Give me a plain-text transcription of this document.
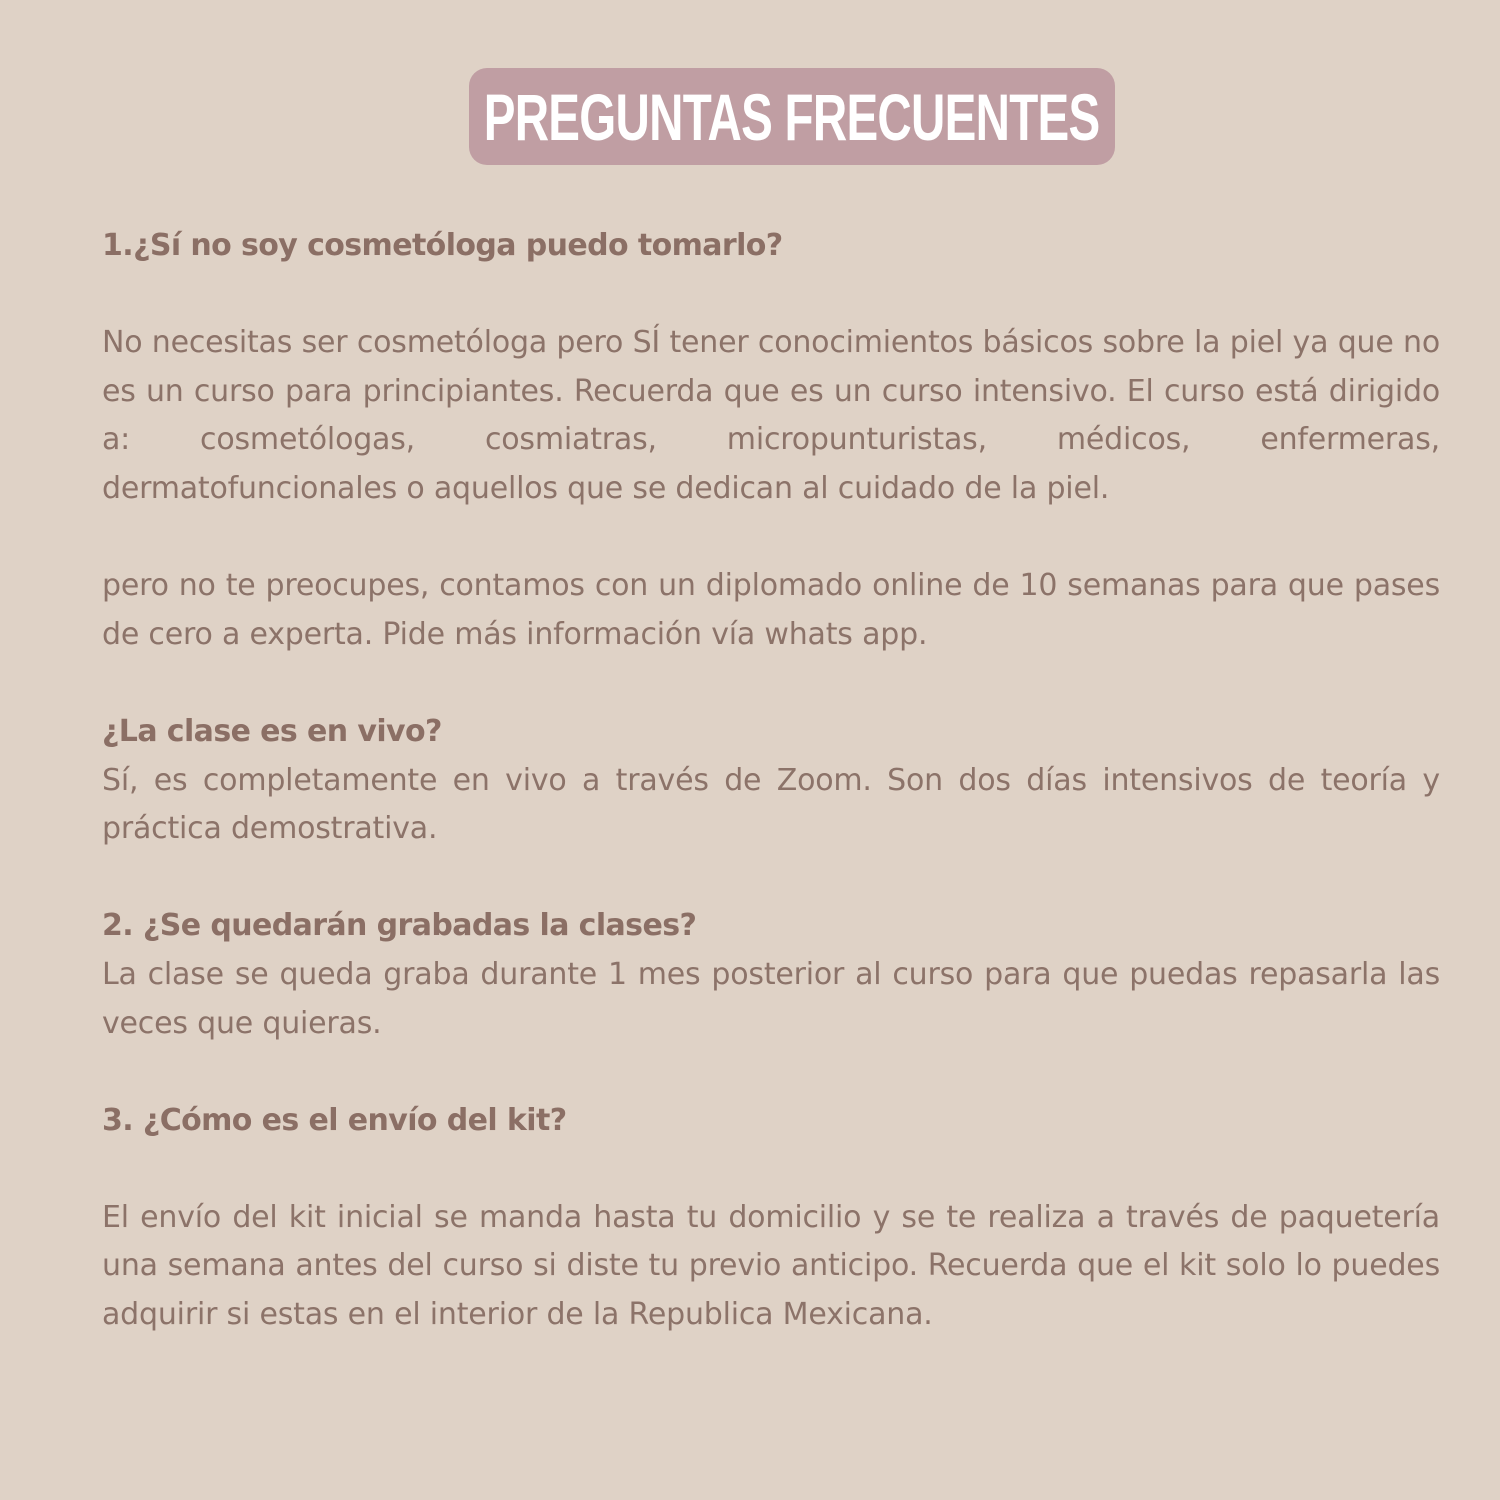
PREGUNTAS FRECUENTES

1.¿Sí no soy cosmetóloga puedo tomarlo?

No necesitas ser cosmetóloga pero SÍ tener conocimientos básicos sobre la piel ya que no es un curso para principiantes. Recuerda que es un curso intensivo. El curso está dirigido a: cosmetólogas, cosmiatras, micropunturistas, médicos, enfermeras, dermatofuncionales o aquellos que se dedican al cuidado de la piel.

pero no te preocupes, contamos con un diplomado online de 10 semanas para que pases de cero a experta. Pide más información vía whats app.

¿La clase es en vivo?

Sí, es completamente en vivo a través de Zoom. Son dos días intensivos de teoría y práctica demostrativa.

2. ¿Se quedarán grabadas la clases?

La clase se queda graba durante 1 mes posterior al curso para que puedas repasarla las veces que quieras.

3. ¿Cómo es el envío del kit?

El envío del kit inicial se manda hasta tu domicilio y se te realiza a través de paquetería una semana antes del curso si diste tu previo anticipo. Recuerda que el kit solo lo puedes adquirir si estas en el interior de la Republica Mexicana.
